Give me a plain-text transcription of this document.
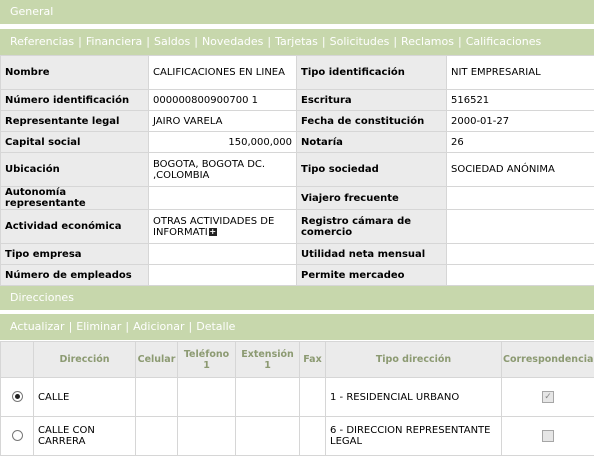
General
Referencias | Financiera | Saldos | Novedades | Tarjetas | Solicitudes | Reclamos | Calificaciones
Nombre	CALIFICACIONES EN LINEA	Tipo identificación	NIT EMPRESARIAL
Número identificación	000000800900700 1	Escritura	516521
Representante legal	JAIRO VARELA	Fecha de constitución	2000-01-27
Capital social	150,000,000	Notaría	26
Ubicación	BOGOTA, BOGOTA DC. ,COLOMBIA	Tipo sociedad	SOCIEDAD ANÓNIMA
Autonomía representante		Viajero frecuente	
Actividad económica	OTRAS ACTIVIDADES DE INFORMATI +	Registro cámara de comercio	
Tipo empresa		Utilidad neta mensual	
Número de empleados		Permite mercadeo	
Direcciones
Actualizar | Eliminar | Adicionar | Detalle
	Dirección	Celular	Teléfono 1	Extensión 1	Fax	Tipo dirección	Correspondencia
	CALLE					1 - RESIDENCIAL URBANO	✓
	CALLE CON CARRERA					6 - DIRECCION REPRESENTANTE LEGAL	
